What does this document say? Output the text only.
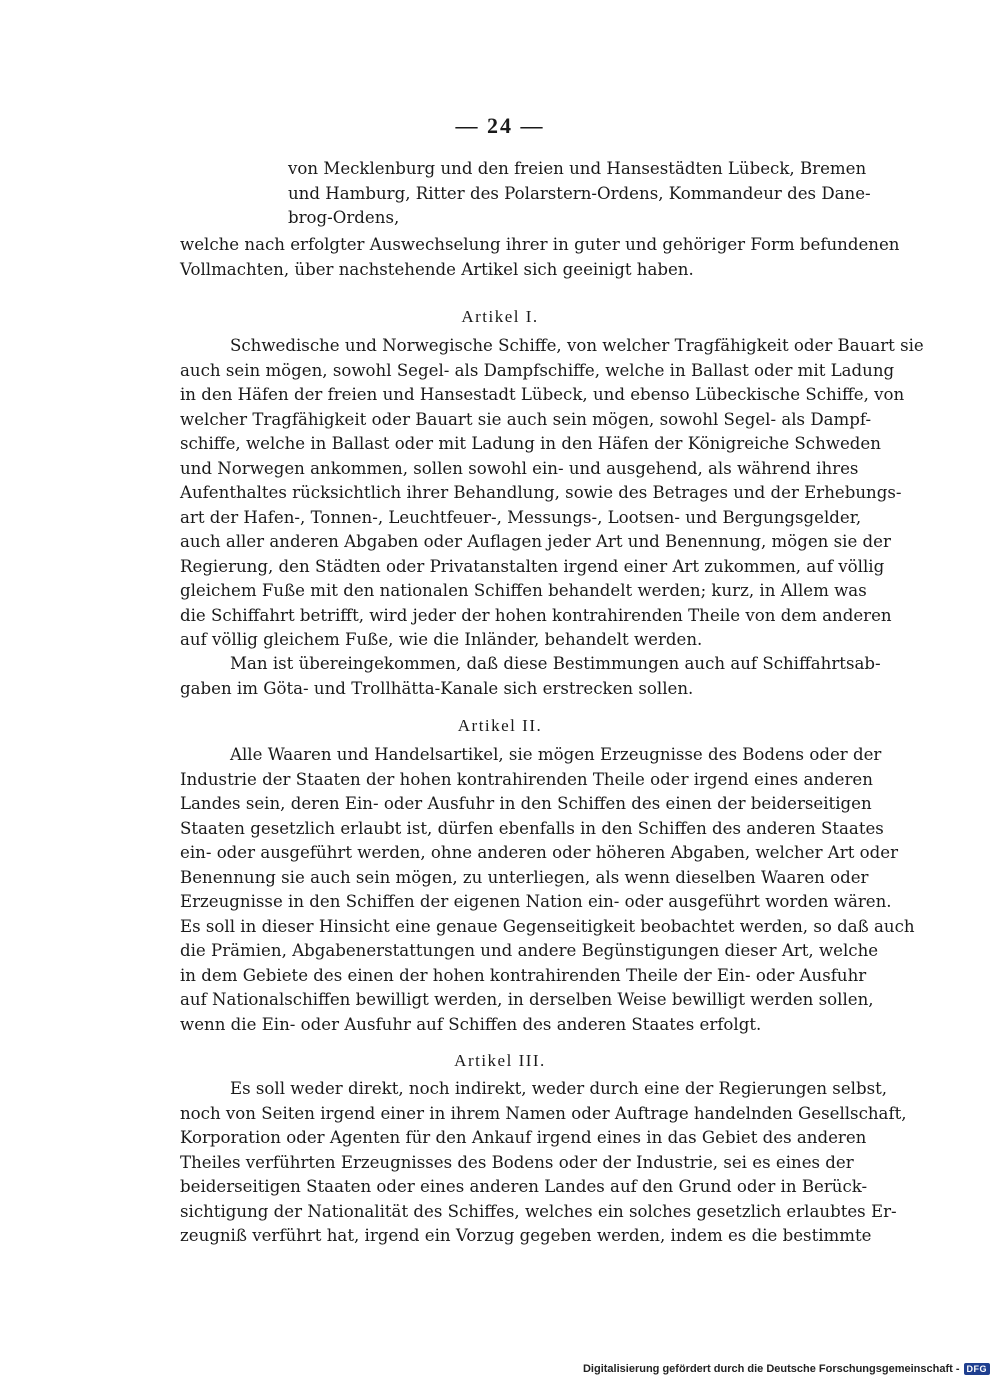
— 24 —
von Mecklenburg und den freien und Hansestädten Lübeck, Bremen
und Hamburg, Ritter des Polarstern-Ordens, Kommandeur des Dane-
brog-Ordens,
welche nach erfolgter Auswechselung ihrer in guter und gehöriger Form befundenen
Vollmachten, über nachstehende Artikel sich geeinigt haben.
Artikel I.
Schwedische und Norwegische Schiffe, von welcher Tragfähigkeit oder Bauart sie
auch sein mögen, sowohl Segel- als Dampfschiffe, welche in Ballast oder mit Ladung
in den Häfen der freien und Hansestadt Lübeck, und ebenso Lübeckische Schiffe, von
welcher Tragfähigkeit oder Bauart sie auch sein mögen, sowohl Segel- als Dampf-
schiffe, welche in Ballast oder mit Ladung in den Häfen der Königreiche Schweden
und Norwegen ankommen, sollen sowohl ein- und ausgehend, als während ihres
Aufenthaltes rücksichtlich ihrer Behandlung, sowie des Betrages und der Erhebungs-
art der Hafen-, Tonnen-, Leuchtfeuer-, Messungs-, Lootsen- und Bergungsgelder,
auch aller anderen Abgaben oder Auflagen jeder Art und Benennung, mögen sie der
Regierung, den Städten oder Privatanstalten irgend einer Art zukommen, auf völlig
gleichem Fuße mit den nationalen Schiffen behandelt werden; kurz, in Allem was
die Schiffahrt betrifft, wird jeder der hohen kontrahirenden Theile von dem anderen
auf völlig gleichem Fuße, wie die Inländer, behandelt werden.
Man ist übereingekommen, daß diese Bestimmungen auch auf Schiffahrtsab-
gaben im Göta- und Trollhätta-Kanale sich erstrecken sollen.
Artikel II.
Alle Waaren und Handelsartikel, sie mögen Erzeugnisse des Bodens oder der
Industrie der Staaten der hohen kontrahirenden Theile oder irgend eines anderen
Landes sein, deren Ein- oder Ausfuhr in den Schiffen des einen der beiderseitigen
Staaten gesetzlich erlaubt ist, dürfen ebenfalls in den Schiffen des anderen Staates
ein- oder ausgeführt werden, ohne anderen oder höheren Abgaben, welcher Art oder
Benennung sie auch sein mögen, zu unterliegen, als wenn dieselben Waaren oder
Erzeugnisse in den Schiffen der eigenen Nation ein- oder ausgeführt worden wären.
Es soll in dieser Hinsicht eine genaue Gegenseitigkeit beobachtet werden, so daß auch
die Prämien, Abgabenerstattungen und andere Begünstigungen dieser Art, welche
in dem Gebiete des einen der hohen kontrahirenden Theile der Ein- oder Ausfuhr
auf Nationalschiffen bewilligt werden, in derselben Weise bewilligt werden sollen,
wenn die Ein- oder Ausfuhr auf Schiffen des anderen Staates erfolgt.
Artikel III.
Es soll weder direkt, noch indirekt, weder durch eine der Regierungen selbst,
noch von Seiten irgend einer in ihrem Namen oder Auftrage handelnden Gesellschaft,
Korporation oder Agenten für den Ankauf irgend eines in das Gebiet des anderen
Theiles verführten Erzeugnisses des Bodens oder der Industrie, sei es eines der
beiderseitigen Staaten oder eines anderen Landes auf den Grund oder in Berück-
sichtigung der Nationalität des Schiffes, welches ein solches gesetzlich erlaubtes Er-
zeugniß verführt hat, irgend ein Vorzug gegeben werden, indem es die bestimmte
Digitalisierung gefördert durch die Deutsche Forschungsgemeinschaft - DFG
